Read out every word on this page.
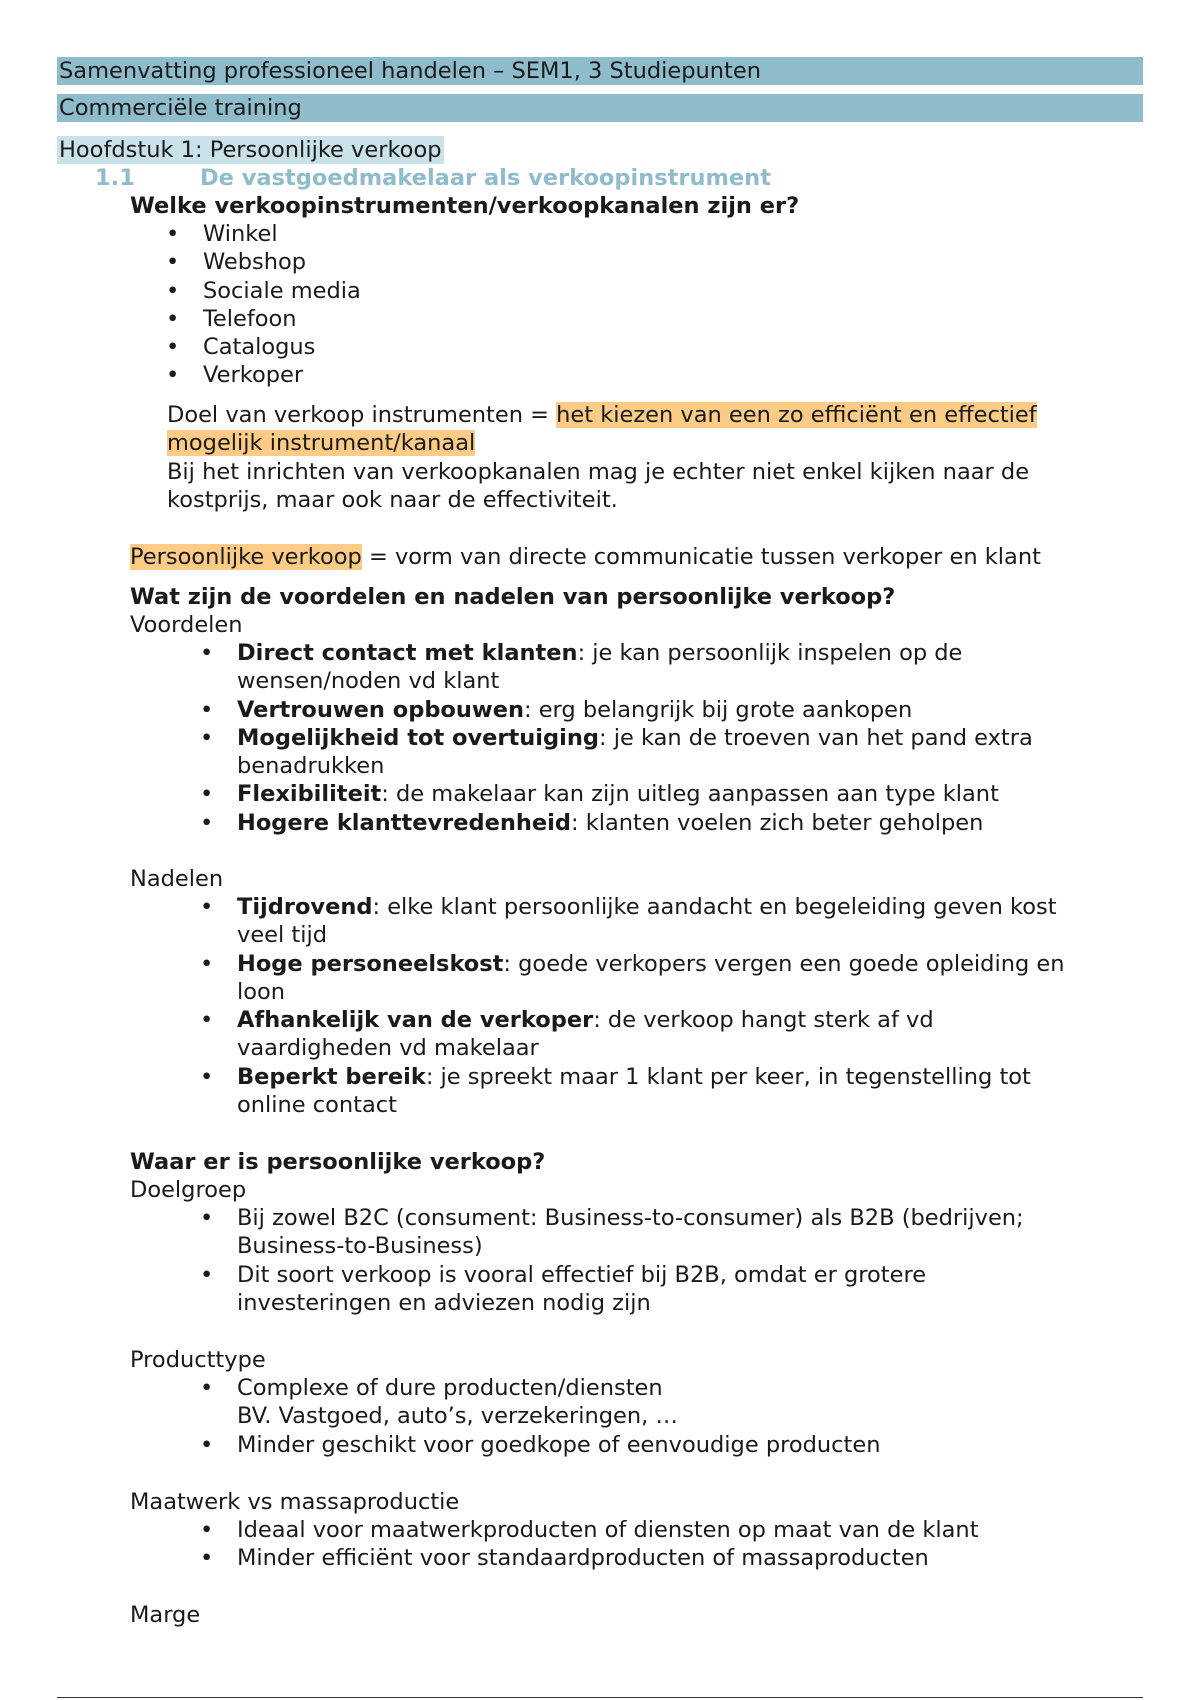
Samenvatting professioneel handelen – SEM1, 3 Studiepunten
Commerciële training
Hoofdstuk 1: Persoonlijke verkoop
1.1	De vastgoedmakelaar als verkoopinstrument
Welke verkoopinstrumenten/verkoopkanalen zijn er?
• Winkel
• Webshop
• Sociale media
• Telefoon
• Catalogus
• Verkoper
Doel van verkoop instrumenten = het kiezen van een zo efficiënt en effectief
mogelijk instrument/kanaal
Bij het inrichten van verkoopkanalen mag je echter niet enkel kijken naar de
kostprijs, maar ook naar de effectiviteit.
Persoonlijke verkoop = vorm van directe communicatie tussen verkoper en klant
Wat zijn de voordelen en nadelen van persoonlijke verkoop?
Voordelen
• Direct contact met klanten: je kan persoonlijk inspelen op de
wensen/noden vd klant
• Vertrouwen opbouwen: erg belangrijk bij grote aankopen
• Mogelijkheid tot overtuiging: je kan de troeven van het pand extra
benadrukken
• Flexibiliteit: de makelaar kan zijn uitleg aanpassen aan type klant
• Hogere klanttevredenheid: klanten voelen zich beter geholpen
Nadelen
• Tijdrovend: elke klant persoonlijke aandacht en begeleiding geven kost
veel tijd
• Hoge personeelskost: goede verkopers vergen een goede opleiding en
loon
• Afhankelijk van de verkoper: de verkoop hangt sterk af vd
vaardigheden vd makelaar
• Beperkt bereik: je spreekt maar 1 klant per keer, in tegenstelling tot
online contact
Waar er is persoonlijke verkoop?
Doelgroep
• Bij zowel B2C (consument: Business-to-consumer) als B2B (bedrijven;
Business-to-Business)
• Dit soort verkoop is vooral effectief bij B2B, omdat er grotere
investeringen en adviezen nodig zijn
Producttype
• Complexe of dure producten/diensten
BV. Vastgoed, auto’s, verzekeringen, …
• Minder geschikt voor goedkope of eenvoudige producten
Maatwerk vs massaproductie
• Ideaal voor maatwerkproducten of diensten op maat van de klant
• Minder efficiënt voor standaardproducten of massaproducten
Marge
